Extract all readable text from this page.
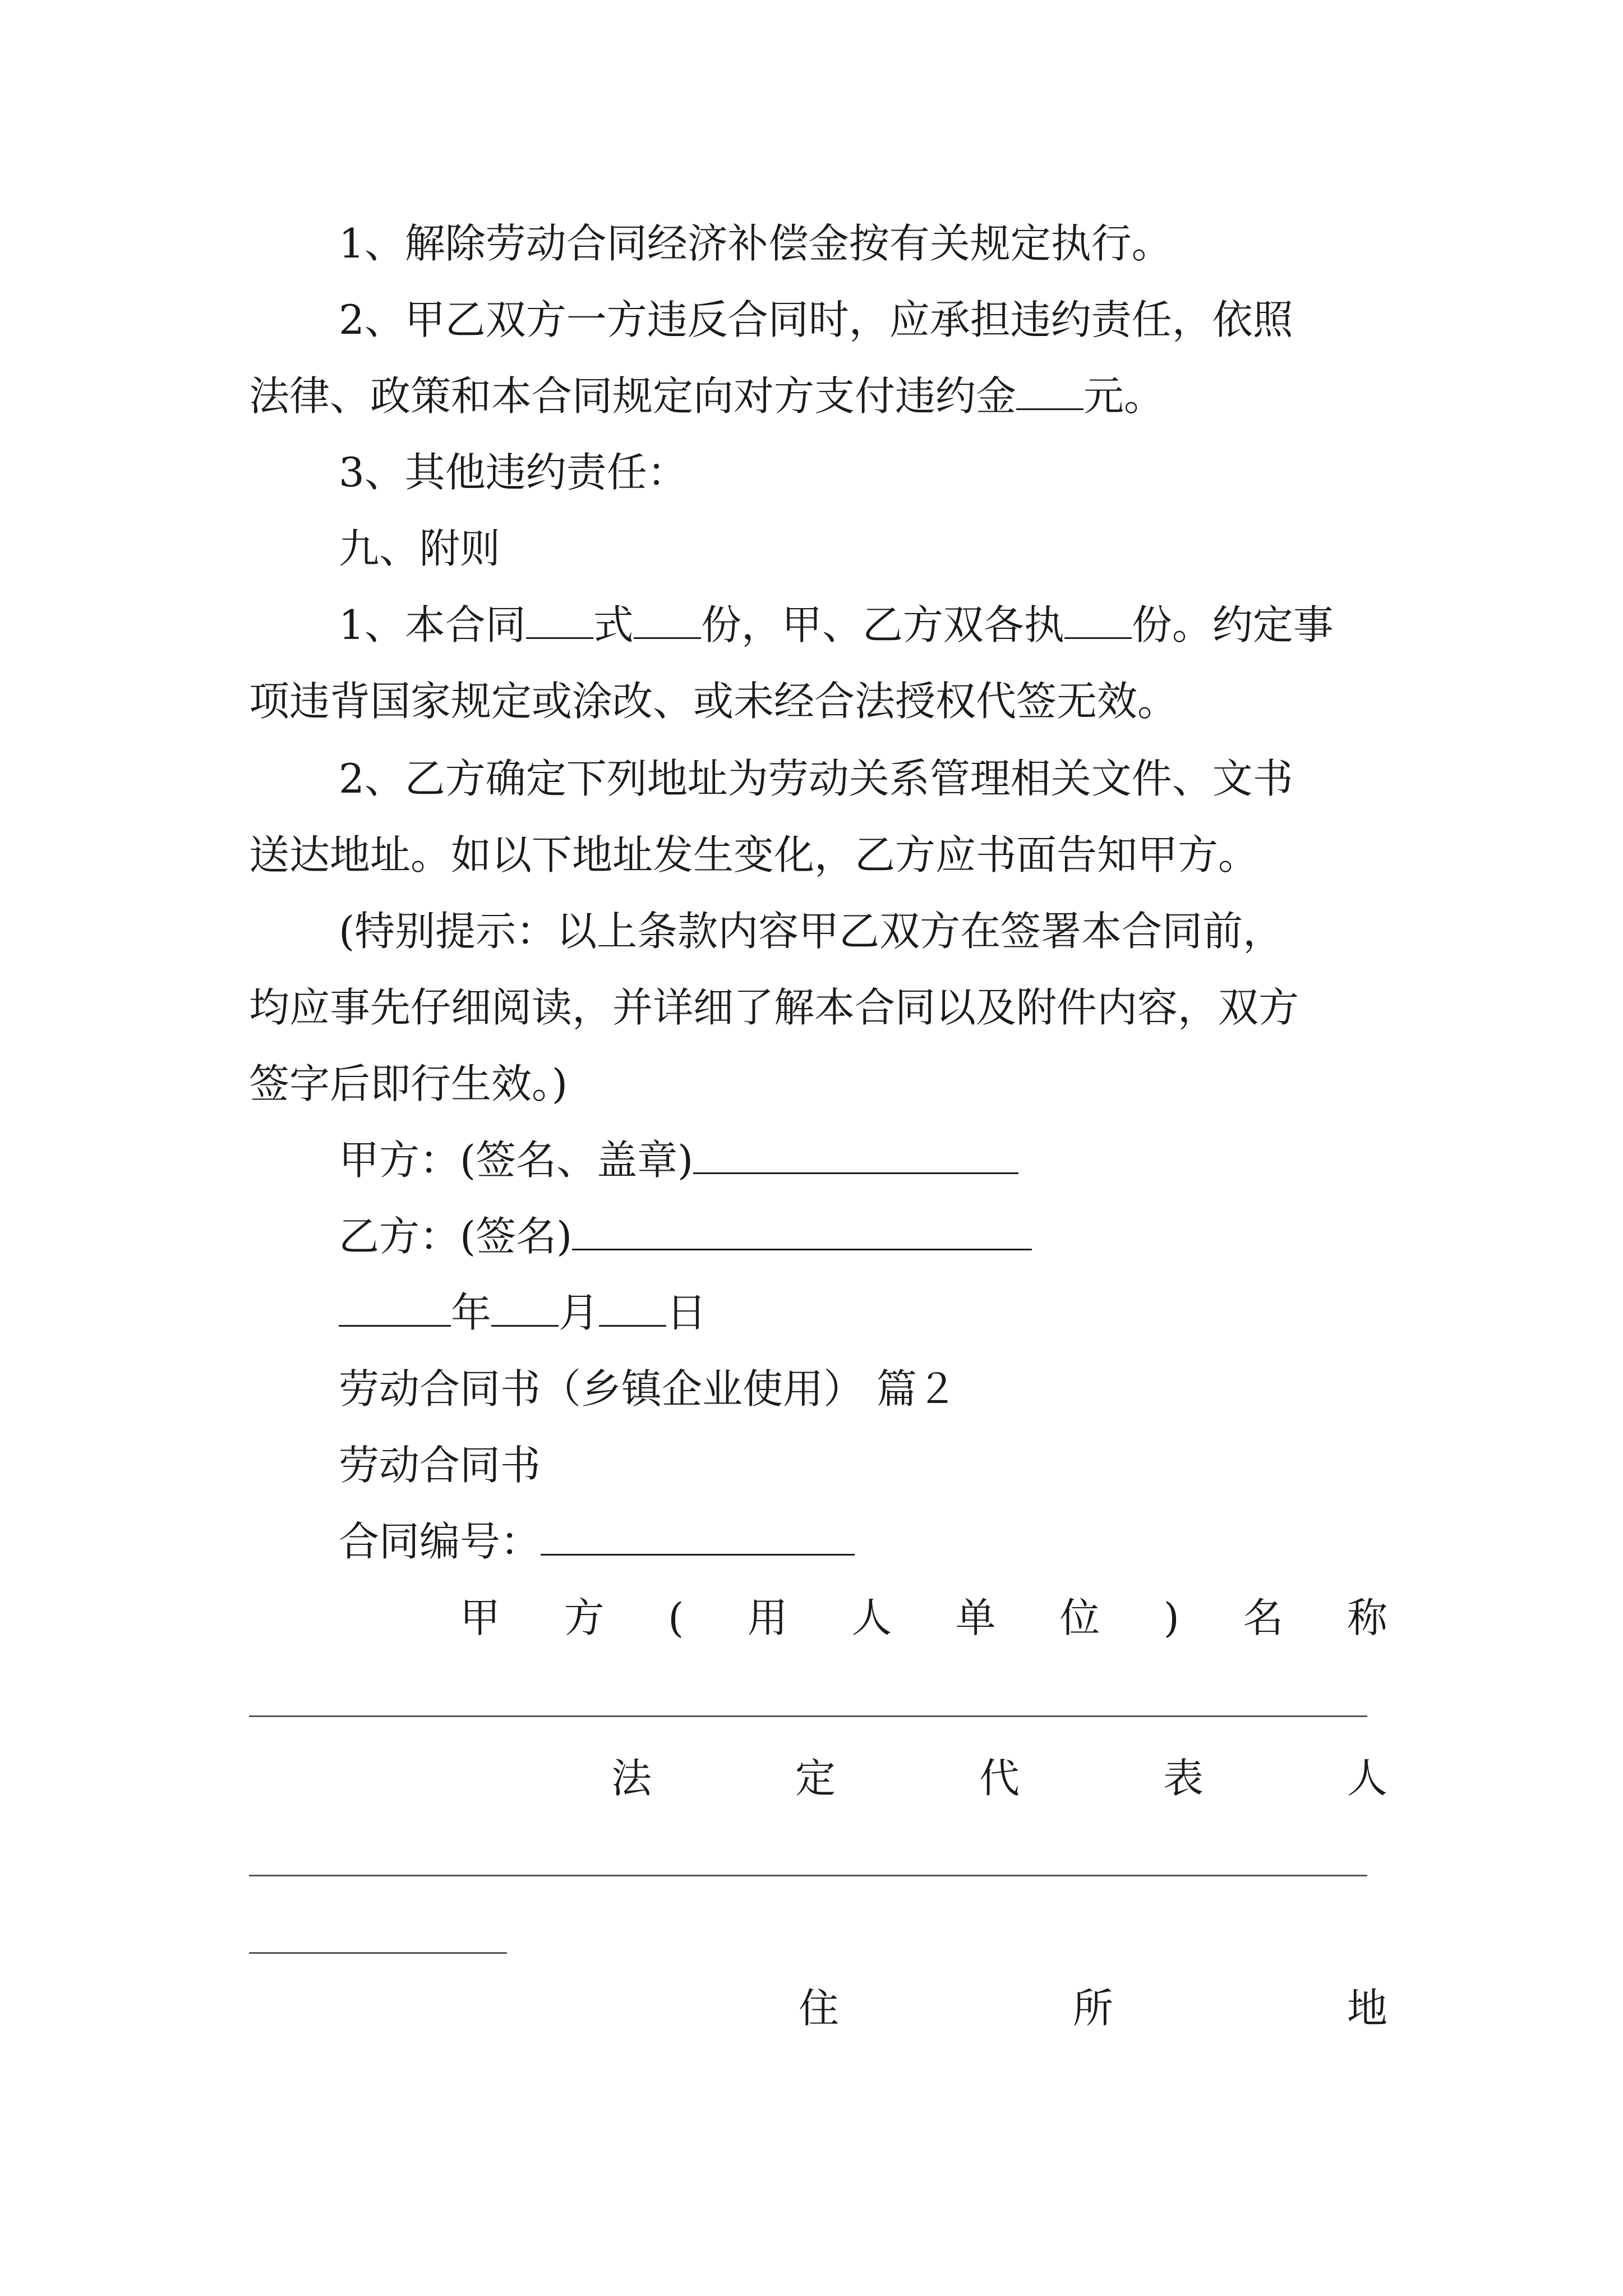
1、解除劳动合同经济补偿金按有关规定执行。
2、甲乙双方一方违反合同时，应承担违约责任，依照
法律、政策和本合同规定向对方支付违约金 元。
3、其他违约责任：
九、附则
1、本合同 式 份，甲、乙方双各执 份。约定事
项违背国家规定或涂改、或未经合法授权代签无效。
2、乙方确定下列地址为劳动关系管理相关文件、文书
送达地址。如以下地址发生变化，乙方应书面告知甲方。
(特别提示：以上条款内容甲乙双方在签署本合同前，
均应事先仔细阅读，并详细了解本合同以及附件内容，双方
签字后即行生效。)
甲方：(签名、盖章)
乙方：(签名)
年 月 日
劳动合同书（乡镇企业使用） 篇２
劳动合同书
合同编号：
甲 方 ( 用 人 单 位 ) 名 称
法	定	代	表	人
住	所	地
